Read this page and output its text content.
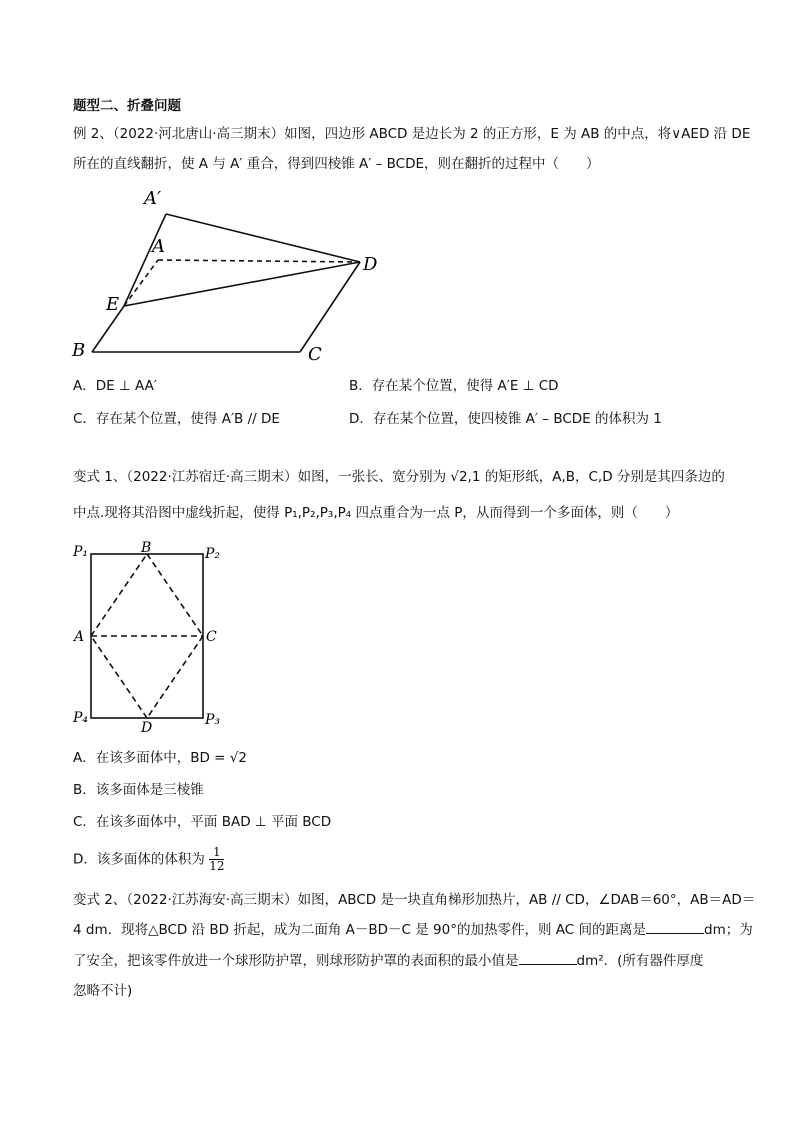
题型二、折叠问题
例 2、（2022·河北唐山·高三期末）如图，四边形 ABCD 是边长为 2 的正方形，E 为 AB 的中点，将∨AED 沿 DE
所在的直线翻折，使 A 与 A′ 重合，得到四棱锥 A′ – BCDE，则在翻折的过程中（　　）
A′
A
D
E
B	C
A．DE ⊥ AA′	B．存在某个位置，使得 A′E ⊥ CD
C．存在某个位置，使得 A′B // DE	D．存在某个位置，使四棱锥 A′ – BCDE 的体积为 1
变式 1、（2022·江苏宿迁·高三期末）如图，一张长、宽分别为 √2,1 的矩形纸，A,B，C,D 分别是其四条边的
中点.现将其沿图中虚线折起，使得 P₁,P₂,P₃,P₄ 四点重合为一点 P，从而得到一个多面体，则（　　）
P₁	B	P₂
A	C
P₄
D	P₃
A．在该多面体中，BD = √2
B．该多面体是三棱锥
C．在该多面体中，平面 BAD ⊥ 平面 BCD
D．该多面体的体积为 $\frac{1}{12}$
变式 2、（2022·江苏海安·高三期末）如图，ABCD 是一块直角梯形加热片，AB // CD，∠DAB＝60°，AB＝AD＝
4 dm．现将△BCD 沿 BD 折起，成为二面角 A－BD－C 是 90°的加热零件，则 AC 间的距离是	dm；为
了安全，把该零件放进一个球形防护罩，则球形防护罩的表面积的最小值是	dm²．(所有器件厚度
忽略不计)
